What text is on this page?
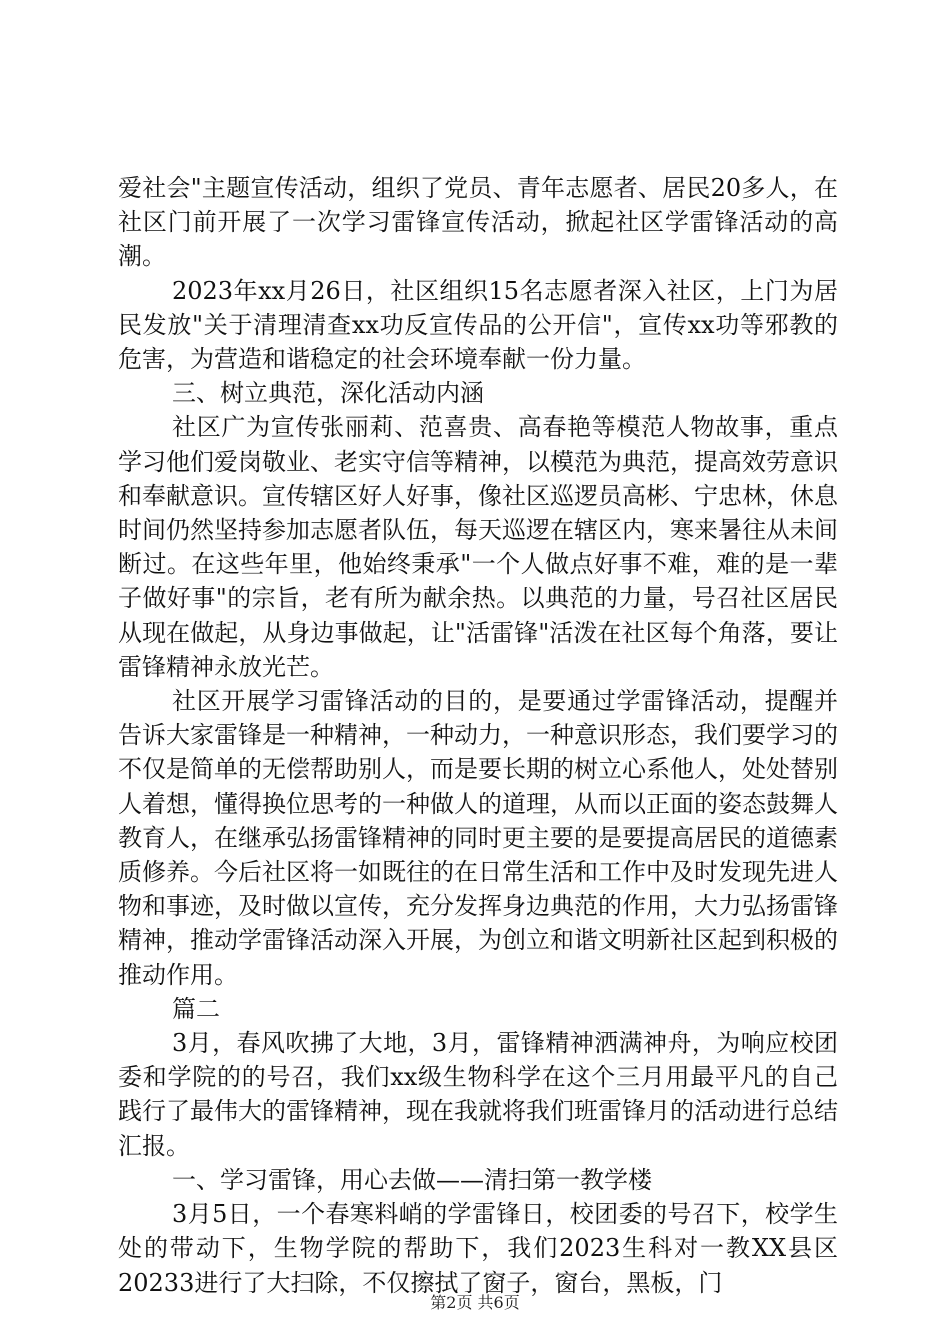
爱社会"主题宣传活动，组织了党员、青年志愿者、居民20多人，在社区门前开展了一次学习雷锋宣传活动，掀起社区学雷锋活动的高潮。

2023年xx月26日，社区组织15名志愿者深入社区，上门为居民发放"关于清理清查xx功反宣传品的公开信"，宣传xx功等邪教的危害，为营造和谐稳定的社会环境奉献一份力量。

三、树立典范，深化活动内涵

社区广为宣传张丽莉、范喜贵、高春艳等模范人物故事，重点学习他们爱岗敬业、老实守信等精神，以模范为典范，提高效劳意识和奉献意识。宣传辖区好人好事，像社区巡逻员高彬、宁忠林，休息时间仍然坚持参加志愿者队伍，每天巡逻在辖区内，寒来暑往从未间断过。在这些年里，他始终秉承"一个人做点好事不难，难的是一辈子做好事"的宗旨，老有所为献余热。以典范的力量，号召社区居民从现在做起，从身边事做起，让"活雷锋"活泼在社区每个角落，要让雷锋精神永放光芒。

社区开展学习雷锋活动的目的，是要通过学雷锋活动，提醒并告诉大家雷锋是一种精神，一种动力，一种意识形态，我们要学习的不仅是简单的无偿帮助别人，而是要长期的树立心系他人，处处替别人着想，懂得换位思考的一种做人的道理，从而以正面的姿态鼓舞人教育人，在继承弘扬雷锋精神的同时更主要的是要提高居民的道德素质修养。今后社区将一如既往的在日常生活和工作中及时发现先进人物和事迹，及时做以宣传，充分发挥身边典范的作用，大力弘扬雷锋精神，推动学雷锋活动深入开展，为创立和谐文明新社区起到积极的推动作用。

篇二

3月，春风吹拂了大地，3月，雷锋精神洒满神舟，为响应校团委和学院的的号召，我们xx级生物科学在这个三月用最平凡的自己践行了最伟大的雷锋精神，现在我就将我们班雷锋月的活动进行总结汇报。

一、学习雷锋，用心去做——清扫第一教学楼

3月5日，一个春寒料峭的学雷锋日，校团委的号召下，校学生处的带动下，生物学院的帮助下，我们2023生科对一教XX县区20233进行了大扫除，不仅擦拭了窗子，窗台，黑板，门

第2页 共6页
